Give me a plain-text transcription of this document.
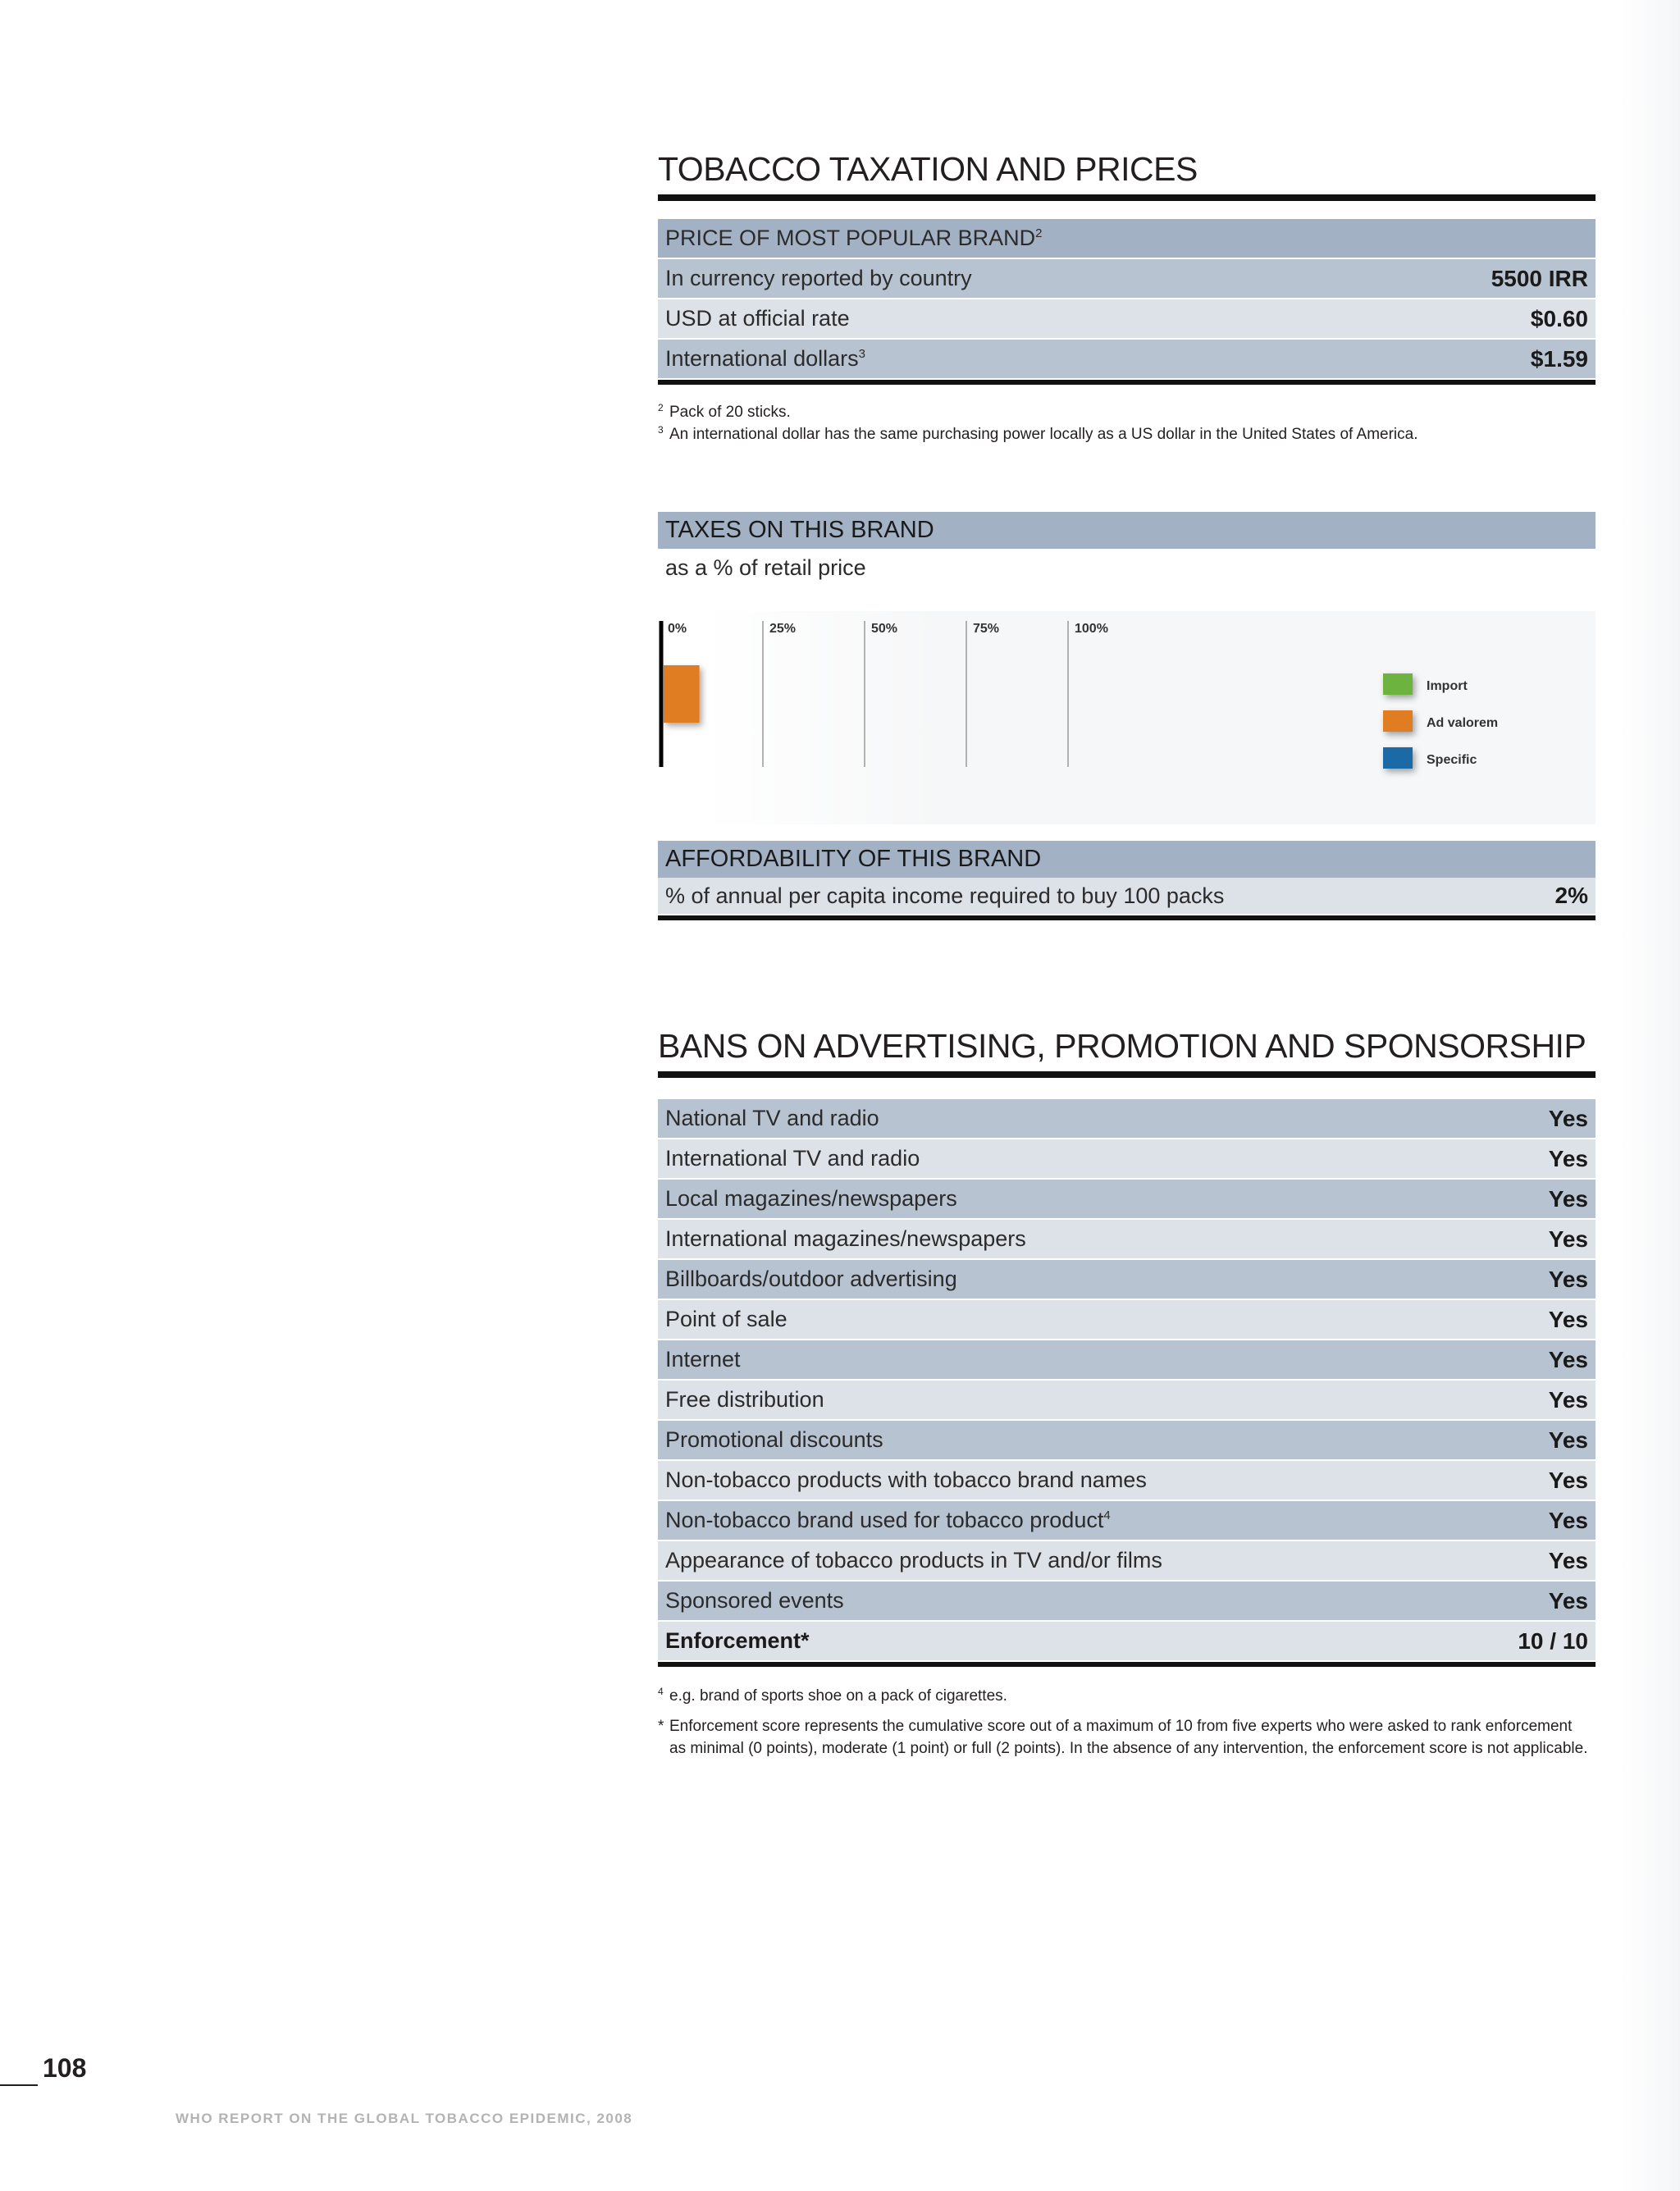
TOBACCO TAXATION AND PRICES
PRICE OF MOST POPULAR BRAND$^2$
In currency reported by country	5500 IRR
USD at official rate	$0.60
International dollars$^3$	$1.59
2 Pack of 20 sticks.
3 An international dollar has the same purchasing power locally as a US dollar in the United States of America.
TAXES ON THIS BRAND
as a % of retail price
0%	25%	50%	75%	100%
Import
Ad valorem
Specific
AFFORDABILITY OF THIS BRAND
% of annual per capita income required to buy 100 packs	2%
BANS ON ADVERTISING, PROMOTION AND SPONSORSHIP
National TV and radio	Yes
International TV and radio	Yes
Local magazines/newspapers	Yes
International magazines/newspapers	Yes
Billboards/outdoor advertising	Yes
Point of sale	Yes
Internet	Yes
Free distribution	Yes
Promotional discounts	Yes
Non-tobacco products with tobacco brand names	Yes
Non-tobacco brand used for tobacco product$^4$	Yes
Appearance of tobacco products in TV and/or films	Yes
Sponsored events	Yes
Enforcement*	10 / 10
4 e.g. brand of sports shoe on a pack of cigarettes.
* Enforcement score represents the cumulative score out of a maximum of 10 from five experts who were asked to rank enforcement as minimal (0 points), moderate (1 point) or full (2 points). In the absence of any intervention, the enforcement score is not applicable.
108
WHO REPORT ON THE GLOBAL TOBACCO EPIDEMIC, 2008
